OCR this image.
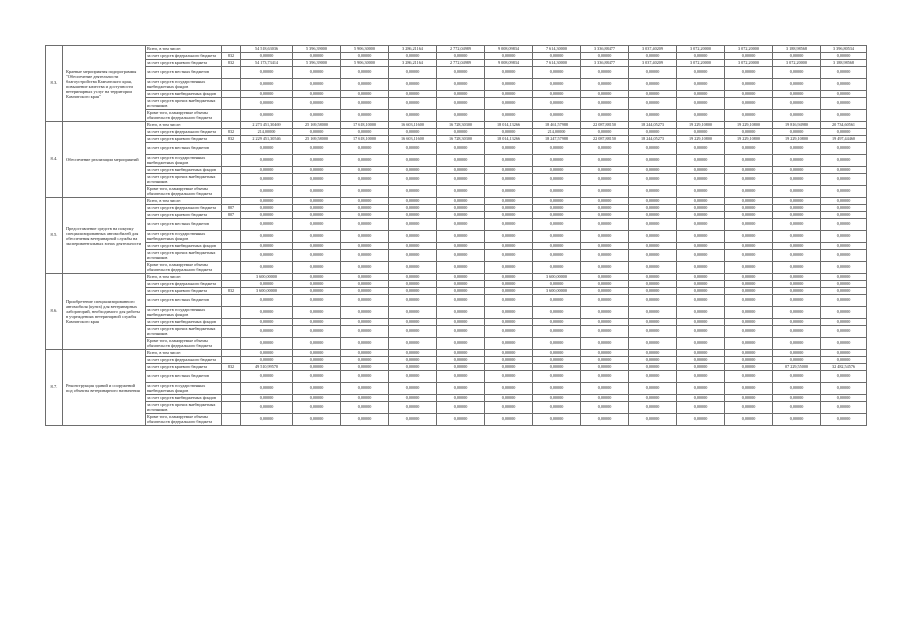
8.3.	Краевые мероприятия подпрограммы "Обеспечение деятельности благоустройства Камчатского края, повышение качества и доступности ветеринарных услуг на территории Камчатского края"	Всего, в том числе:		54 518,63036	5 396,39000	5 906,30000	3 286,21164	2 772,04989	9 008,09834	7 614,30000	3 336,88477	3 037,40209	3 072,20000	3 072,20000	3 188,98568	3 396,80534
		за счет средств федерального бюджета	832	0,00000	0,00000	0,00000	0,00000	0,00000	0,00000	0,00000	0,00000	0,00000	0,00000	0,00000	0,00000	0,00000
		за счет средств краевого бюджета	832	54 173,73414	5 396,39000	5 906,30000	3 286,21164	2 772,04989	9 008,09834	7 614,30000	3 336,88477	3 037,40209	3 072,20000	3 072,20000	3 072,20000	3 188,98568
		за счет средств местных бюджетов		0,00000	0,00000	0,00000	0,00000	0,00000	0,00000	0,00000	0,00000	0,00000	0,00000	0,00000	0,00000	0,00000
		за счет средств государственных внебюджетных фондов		0,00000	0,00000	0,00000	0,00000	0,00000	0,00000	0,00000	0,00000	0,00000	0,00000	0,00000	0,00000	0,00000
		за счет средств внебюджетных фондов		0,00000	0,00000	0,00000	0,00000	0,00000	0,00000	0,00000	0,00000	0,00000	0,00000	0,00000	0,00000	0,00000
		за счет средств прочих внебюджетных источников		0,00000	0,00000	0,00000	0,00000	0,00000	0,00000	0,00000	0,00000	0,00000	0,00000	0,00000	0,00000	0,00000
		Кроме того, планируемые объемы обязательств федерального бюджета		0,00000	0,00000	0,00000	0,00000	0,00000	0,00000	0,00000	0,00000	0,00000	0,00000	0,00000	0,00000	0,00000
8.4.	Обеспечение реализации мероприятий	Всего, в том числе:		2 273 451,30469	25 169,58000	17 618,10000	16 603,11600	16 728,30300	18 014,13266	18 461,57988	22 087,88150	18 244,05273	19 229,10800	19 229,10800	19 816,94980	20 734,60561
		за счет средств федерального бюджета	832	214,00000	0,00000	0,00000	0,00000	0,00000	0,00000	214,00000	0,00000	0,00000	0,00000	0,00000	0,00000	0,00000
		за счет средств краевого бюджета	832	2 229 451,30546	25 169,58000	17 618,10000	16 603,11600	16 728,30300	18 014,13266	18 247,57988	22 087,88150	18 244,05273	19 229,10800	19 229,10800	19 229,10800	19 497,44460
		за счет средств местных бюджетов		0,00000	0,00000	0,00000	0,00000	0,00000	0,00000	0,00000	0,00000	0,00000	0,00000	0,00000	0,00000	0,00000
		за счет средств государственных внебюджетных фондов		0,00000	0,00000	0,00000	0,00000	0,00000	0,00000	0,00000	0,00000	0,00000	0,00000	0,00000	0,00000	0,00000
		за счет средств внебюджетных фондов		0,00000	0,00000	0,00000	0,00000	0,00000	0,00000	0,00000	0,00000	0,00000	0,00000	0,00000	0,00000	0,00000
		за счет средств прочих внебюджетных источников		0,00000	0,00000	0,00000	0,00000	0,00000	0,00000	0,00000	0,00000	0,00000	0,00000	0,00000	0,00000	0,00000
		Кроме того, планируемые объемы обязательств федерального бюджета		0,00000	0,00000	0,00000	0,00000	0,00000	0,00000	0,00000	0,00000	0,00000	0,00000	0,00000	0,00000	0,00000
8.5.	Предоставление средств на покупку специализированных автомобилей для обеспечения ветеринарной службы на экспериментальных зонах деятельности	Всего, в том числе:		0,00000	0,00000	0,00000	0,00000	0,00000	0,00000	0,00000	0,00000	0,00000	0,00000	0,00000	0,00000	0,00000
		за счет средств федерального бюджета	807	0,00000	0,00000	0,00000	0,00000	0,00000	0,00000	0,00000	0,00000	0,00000	0,00000	0,00000	0,00000	0,00000
		за счет средств краевого бюджета	807	0,00000	0,00000	0,00000	0,00000	0,00000	0,00000	0,00000	0,00000	0,00000	0,00000	0,00000	0,00000	0,00000
		за счет средств местных бюджетов		0,00000	0,00000	0,00000	0,00000	0,00000	0,00000	0,00000	0,00000	0,00000	0,00000	0,00000	0,00000	0,00000
		за счет средств государственных внебюджетных фондов		0,00000	0,00000	0,00000	0,00000	0,00000	0,00000	0,00000	0,00000	0,00000	0,00000	0,00000	0,00000	0,00000
		за счет средств внебюджетных фондов		0,00000	0,00000	0,00000	0,00000	0,00000	0,00000	0,00000	0,00000	0,00000	0,00000	0,00000	0,00000	0,00000
		за счет средств прочих внебюджетных источников		0,00000	0,00000	0,00000	0,00000	0,00000	0,00000	0,00000	0,00000	0,00000	0,00000	0,00000	0,00000	0,00000
		Кроме того, планируемые объемы обязательств федерального бюджета		0,00000	0,00000	0,00000	0,00000	0,00000	0,00000	0,00000	0,00000	0,00000	0,00000	0,00000	0,00000	0,00000
8.6.	Приобретение специализированного автомобиля (кунга) для ветеринарных лабораторий, необходимого для работы в учреждениях ветеринарной службы Камчатского края	Всего, в том числе:		3 600,00000	0,00000	0,00000	0,00000	0,00000	0,00000	3 600,00000	0,00000	0,00000	0,00000	0,00000	0,00000	0,00000
		за счет средств федерального бюджета		0,00000	0,00000	0,00000	0,00000	0,00000	0,00000	0,00000	0,00000	0,00000	0,00000	0,00000	0,00000	0,00000
		за счет средств краевого бюджета	832	3 600,00000	0,00000	0,00000	0,00000	0,00000	0,00000	3 600,00000	0,00000	0,00000	0,00000	0,00000	0,00000	0,00000
		за счет средств местных бюджетов		0,00000	0,00000	0,00000	0,00000	0,00000	0,00000	0,00000	0,00000	0,00000	0,00000	0,00000	0,00000	0,00000
		за счет средств государственных внебюджетных фондов		0,00000	0,00000	0,00000	0,00000	0,00000	0,00000	0,00000	0,00000	0,00000	0,00000	0,00000	0,00000	0,00000
		за счет средств внебюджетных фондов		0,00000	0,00000	0,00000	0,00000	0,00000	0,00000	0,00000	0,00000	0,00000	0,00000	0,00000	0,00000	0,00000
		за счет средств прочих внебюджетных источников		0,00000	0,00000	0,00000	0,00000	0,00000	0,00000	0,00000	0,00000	0,00000	0,00000	0,00000	0,00000	0,00000
		Кроме того, планируемые объемы обязательств федерального бюджета		0,00000	0,00000	0,00000	0,00000	0,00000	0,00000	0,00000	0,00000	0,00000	0,00000	0,00000	0,00000	0,00000
8.7.	Реконструкция зданий и сооружений под объекты ветеринарного назначения	Всего, в том числе:		0,00000	0,00000	0,00000	0,00000	0,00000	0,00000	0,00000	0,00000	0,00000	0,00000	0,00000	0,00000	0,00000
		за счет средств федерального бюджета		0,00000	0,00000	0,00000	0,00000	0,00000	0,00000	0,00000	0,00000	0,00000	0,00000	0,00000	0,00000	0,00000
		за счет средств краевого бюджета	832	49 510,99570	0,00000	0,00000	0,00000	0,00000	0,00000	0,00000	0,00000	0,00000	0,00000	0,00000	07 229,55000	32 482,54576
		за счет средств местных бюджетов		0,00000	0,00000	0,00000	0,00000	0,00000	0,00000	0,00000	0,00000	0,00000	0,00000	0,00000	0,00000	0,00000
		за счет средств государственных внебюджетных фондов		0,00000	0,00000	0,00000	0,00000	0,00000	0,00000	0,00000	0,00000	0,00000	0,00000	0,00000	0,00000	0,00000
		за счет средств внебюджетных фондов		0,00000	0,00000	0,00000	0,00000	0,00000	0,00000	0,00000	0,00000	0,00000	0,00000	0,00000	0,00000	0,00000
		за счет средств прочих внебюджетных источников		0,00000	0,00000	0,00000	0,00000	0,00000	0,00000	0,00000	0,00000	0,00000	0,00000	0,00000	0,00000	0,00000
		Кроме того, планируемые объемы обязательств федерального бюджета		0,00000	0,00000	0,00000	0,00000	0,00000	0,00000	0,00000	0,00000	0,00000	0,00000	0,00000	0,00000	0,00000
